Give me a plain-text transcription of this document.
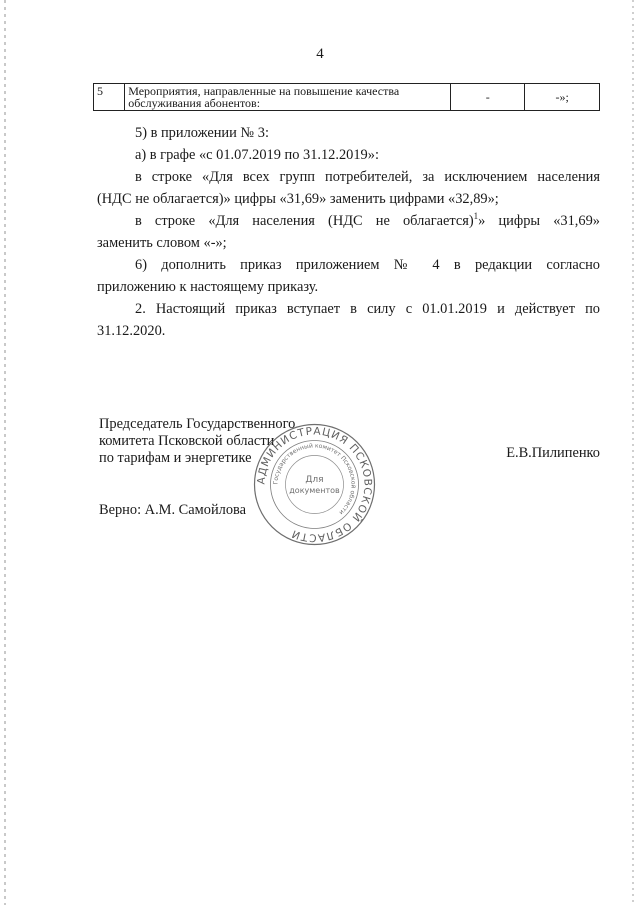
4
5	Мероприятия, направленные на повышение качества обслуживания абонентов:	-	-»;
5) в приложении № 3:
а) в графе «с 01.07.2019 по 31.12.2019»:
в строке «Для всех групп потребителей, за исключением населения
(НДС не облагается)» цифры «31,69» заменить цифрами «32,89»;
в строке «Для населения (НДС не облагается)$^1$» цифры «31,69»
заменить словом «-»;
6) дополнить приказ приложением № 4 в редакции согласно
приложению к настоящему приказу.
2. Настоящий приказ вступает в силу с 01.01.2019 и действует по
31.12.2020.
Председатель Государственного
комитета Псковской области
по тарифам и энергетике	Е.В.Пилипенко
Верно: А.М. Самойлова
АДМИНИСТРАЦИЯ ПСКОВСКОЙ ОБЛАСТИ
Государственный комитет Псковской области
Для
документов
